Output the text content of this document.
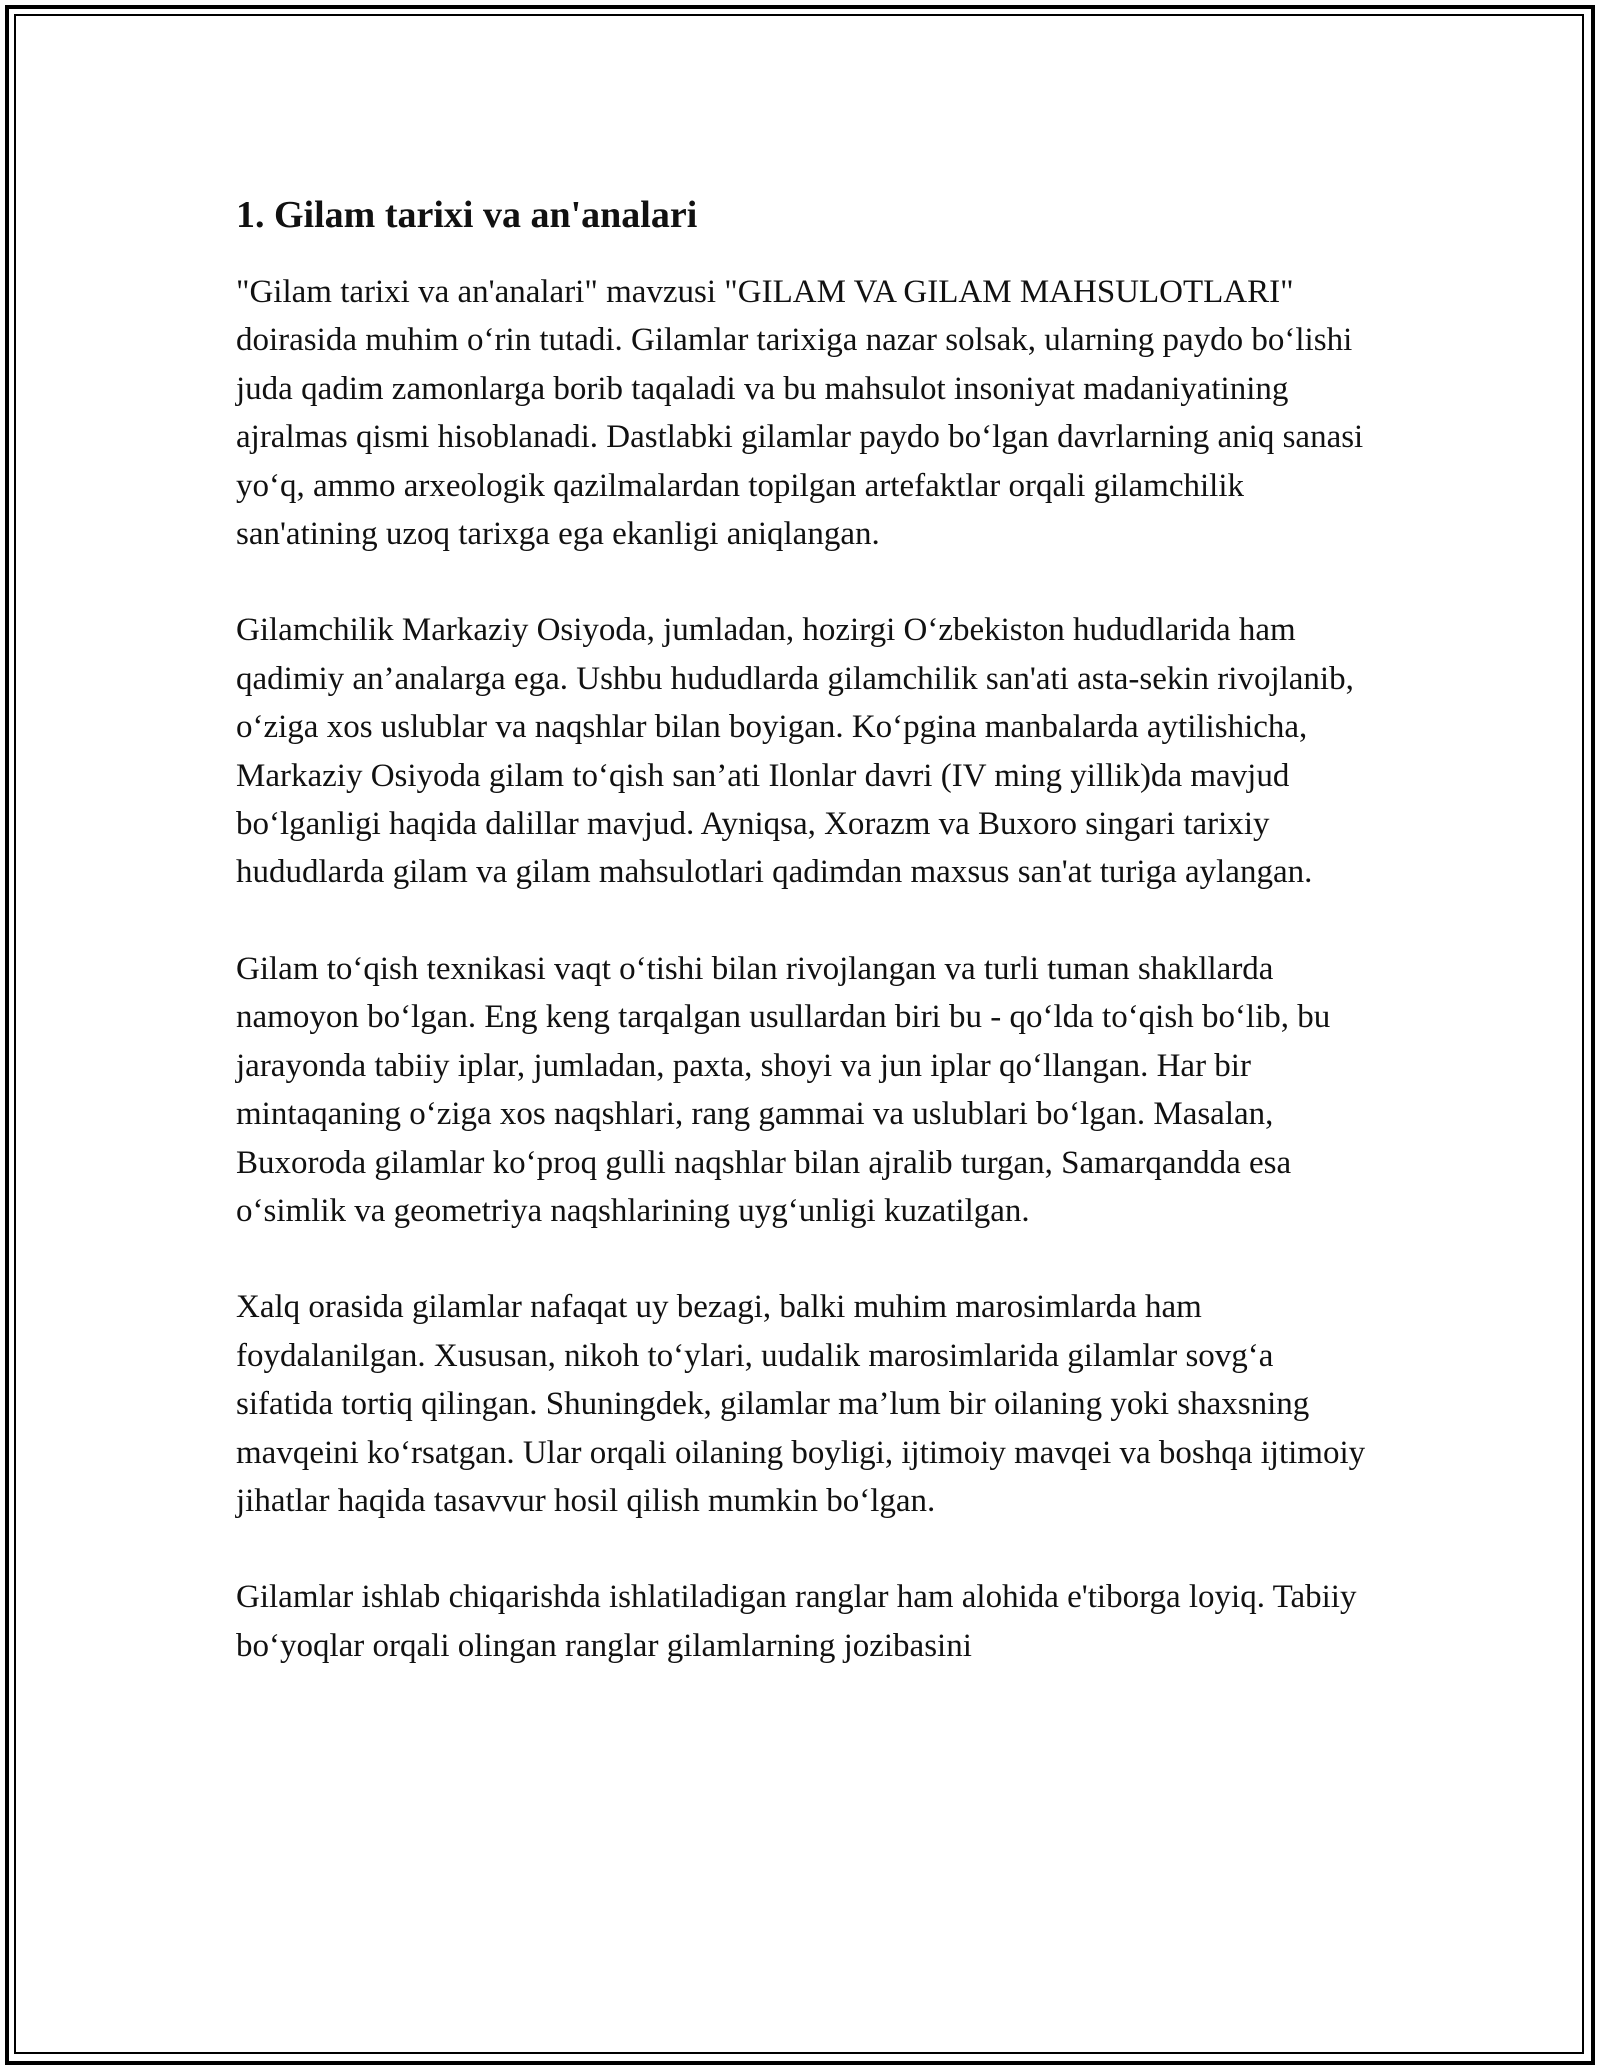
1. Gilam tarixi va an'analari

"Gilam tarixi va an'analari" mavzusi "GILAM VA GILAM MAHSULOTLARI" doirasida muhim o‘rin tutadi. Gilamlar tarixiga nazar solsak, ularning paydo bo‘lishi juda qadim zamonlarga borib taqaladi va bu mahsulot insoniyat madaniyatining ajralmas qismi hisoblanadi. Dastlabki gilamlar paydo bo‘lgan davrlarning aniq sanasi yo‘q, ammo arxeologik qazilmalardan topilgan artefaktlar orqali gilamchilik san'atining uzoq tarixga ega ekanligi aniqlangan.

Gilamchilik Markaziy Osiyoda, jumladan, hozirgi O‘zbekiston hududlarida ham qadimiy an’analarga ega. Ushbu hududlarda gilamchilik san'ati asta-sekin rivojlanib, o‘ziga xos uslublar va naqshlar bilan boyigan. Ko‘pgina manbalarda aytilishicha, Markaziy Osiyoda gilam to‘qish san’ati Ilonlar davri (IV ming yillik)da mavjud bo‘lganligi haqida dalillar mavjud. Ayniqsa, Xorazm va Buxoro singari tarixiy hududlarda gilam va gilam mahsulotlari qadimdan maxsus san'at turiga aylangan.

Gilam to‘qish texnikasi vaqt o‘tishi bilan rivojlangan va turli tuman shakllarda namoyon bo‘lgan. Eng keng tarqalgan usullardan biri bu - qo‘lda to‘qish bo‘lib, bu jarayonda tabiiy iplar, jumladan, paxta, shoyi va jun iplar qo‘llangan. Har bir mintaqaning o‘ziga xos naqshlari, rang gammai va uslublari bo‘lgan. Masalan, Buxoroda gilamlar ko‘proq gulli naqshlar bilan ajralib turgan, Samarqandda esa o‘simlik va geometriya naqshlarining uyg‘unligi kuzatilgan.

Xalq orasida gilamlar nafaqat uy bezagi, balki muhim marosimlarda ham foydalanilgan. Xususan, nikoh to‘ylari, uudalik marosimlarida gilamlar sovg‘a sifatida tortiq qilingan. Shuningdek, gilamlar ma’lum bir oilaning yoki shaxsning mavqeini ko‘rsatgan. Ular orqali oilaning boyligi, ijtimoiy mavqei va boshqa ijtimoiy jihatlar haqida tasavvur hosil qilish mumkin bo‘lgan.

Gilamlar ishlab chiqarishda ishlatiladigan ranglar ham alohida e'tiborga loyiq. Tabiiy bo‘yoqlar orqali olingan ranglar gilamlarning jozibasini
